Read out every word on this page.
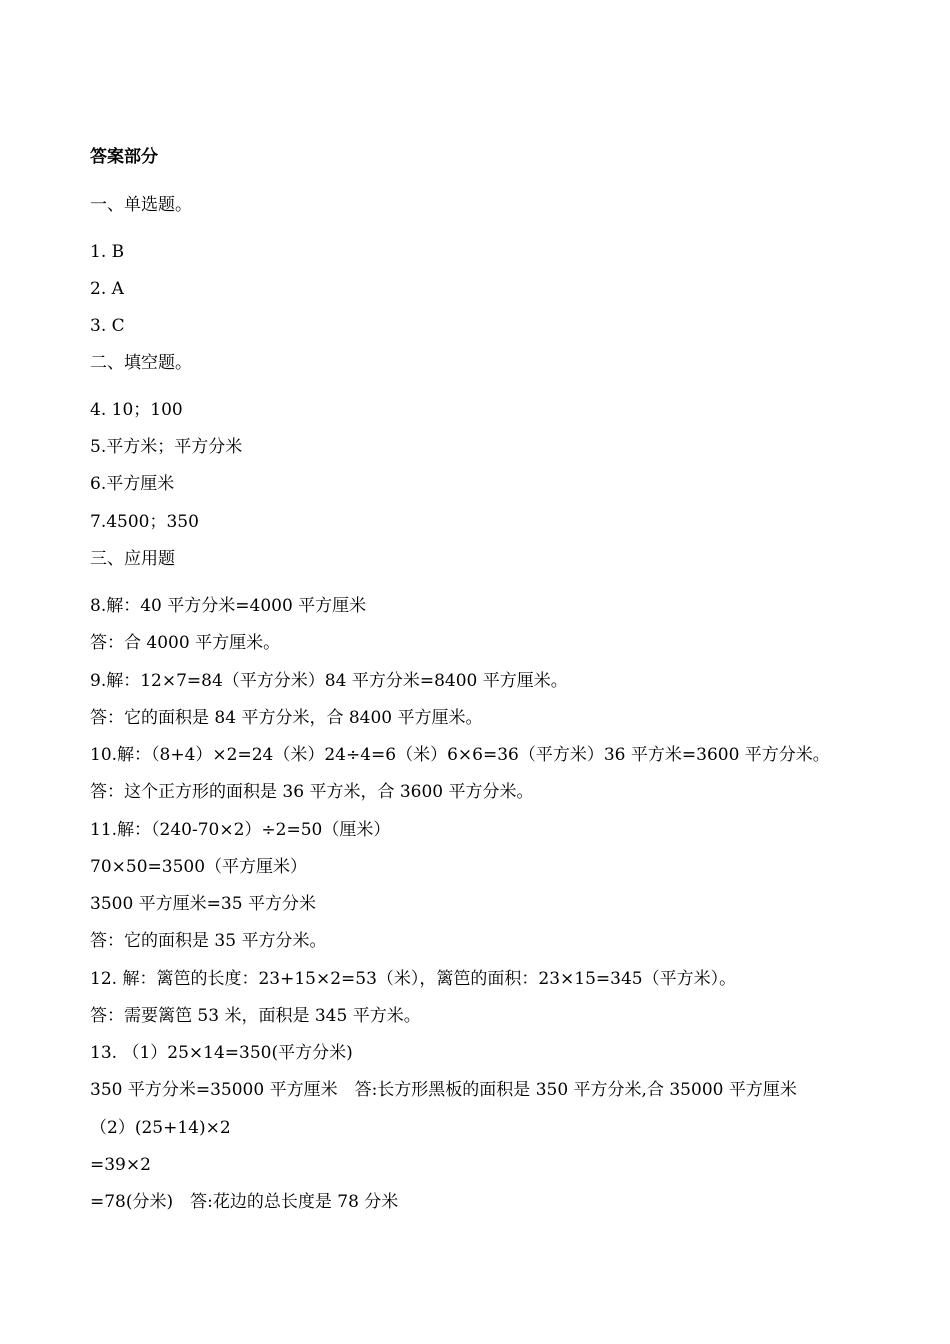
答案部分
一、单选题。
1. B
2. A
3. C
二、填空题。
4. 10；100
5.平方米；平方分米
6.平方厘米
7.4500；350
三、应用题
8.解：40 平方分米=4000 平方厘米
答：合 4000 平方厘米。
9.解：12×7=84（平方分米）84 平方分米=8400 平方厘米。
答：它的面积是 84 平方分米，合 8400 平方厘米。
10.解：（8+4）×2=24（米）24÷4=6（米）6×6=36（平方米）36 平方米=3600 平方分米。
答：这个正方形的面积是 36 平方米，合 3600 平方分米。
11.解：（240-70×2）÷2=50（厘米）
70×50=3500（平方厘米）
3500 平方厘米=35 平方分米
答：它的面积是 35 平方分米。
12. 解：篱笆的长度：23+15×2=53（米），篱笆的面积：23×15=345（平方米）。
答：需要篱笆 53 米，面积是 345 平方米。
13. （1）25×14=350(平方分米)
350 平方分米=35000 平方厘米　答:长方形黑板的面积是 350 平方分米,合 35000 平方厘米
（2）(25+14)×2
=39×2
=78(分米)　答:花边的总长度是 78 分米
